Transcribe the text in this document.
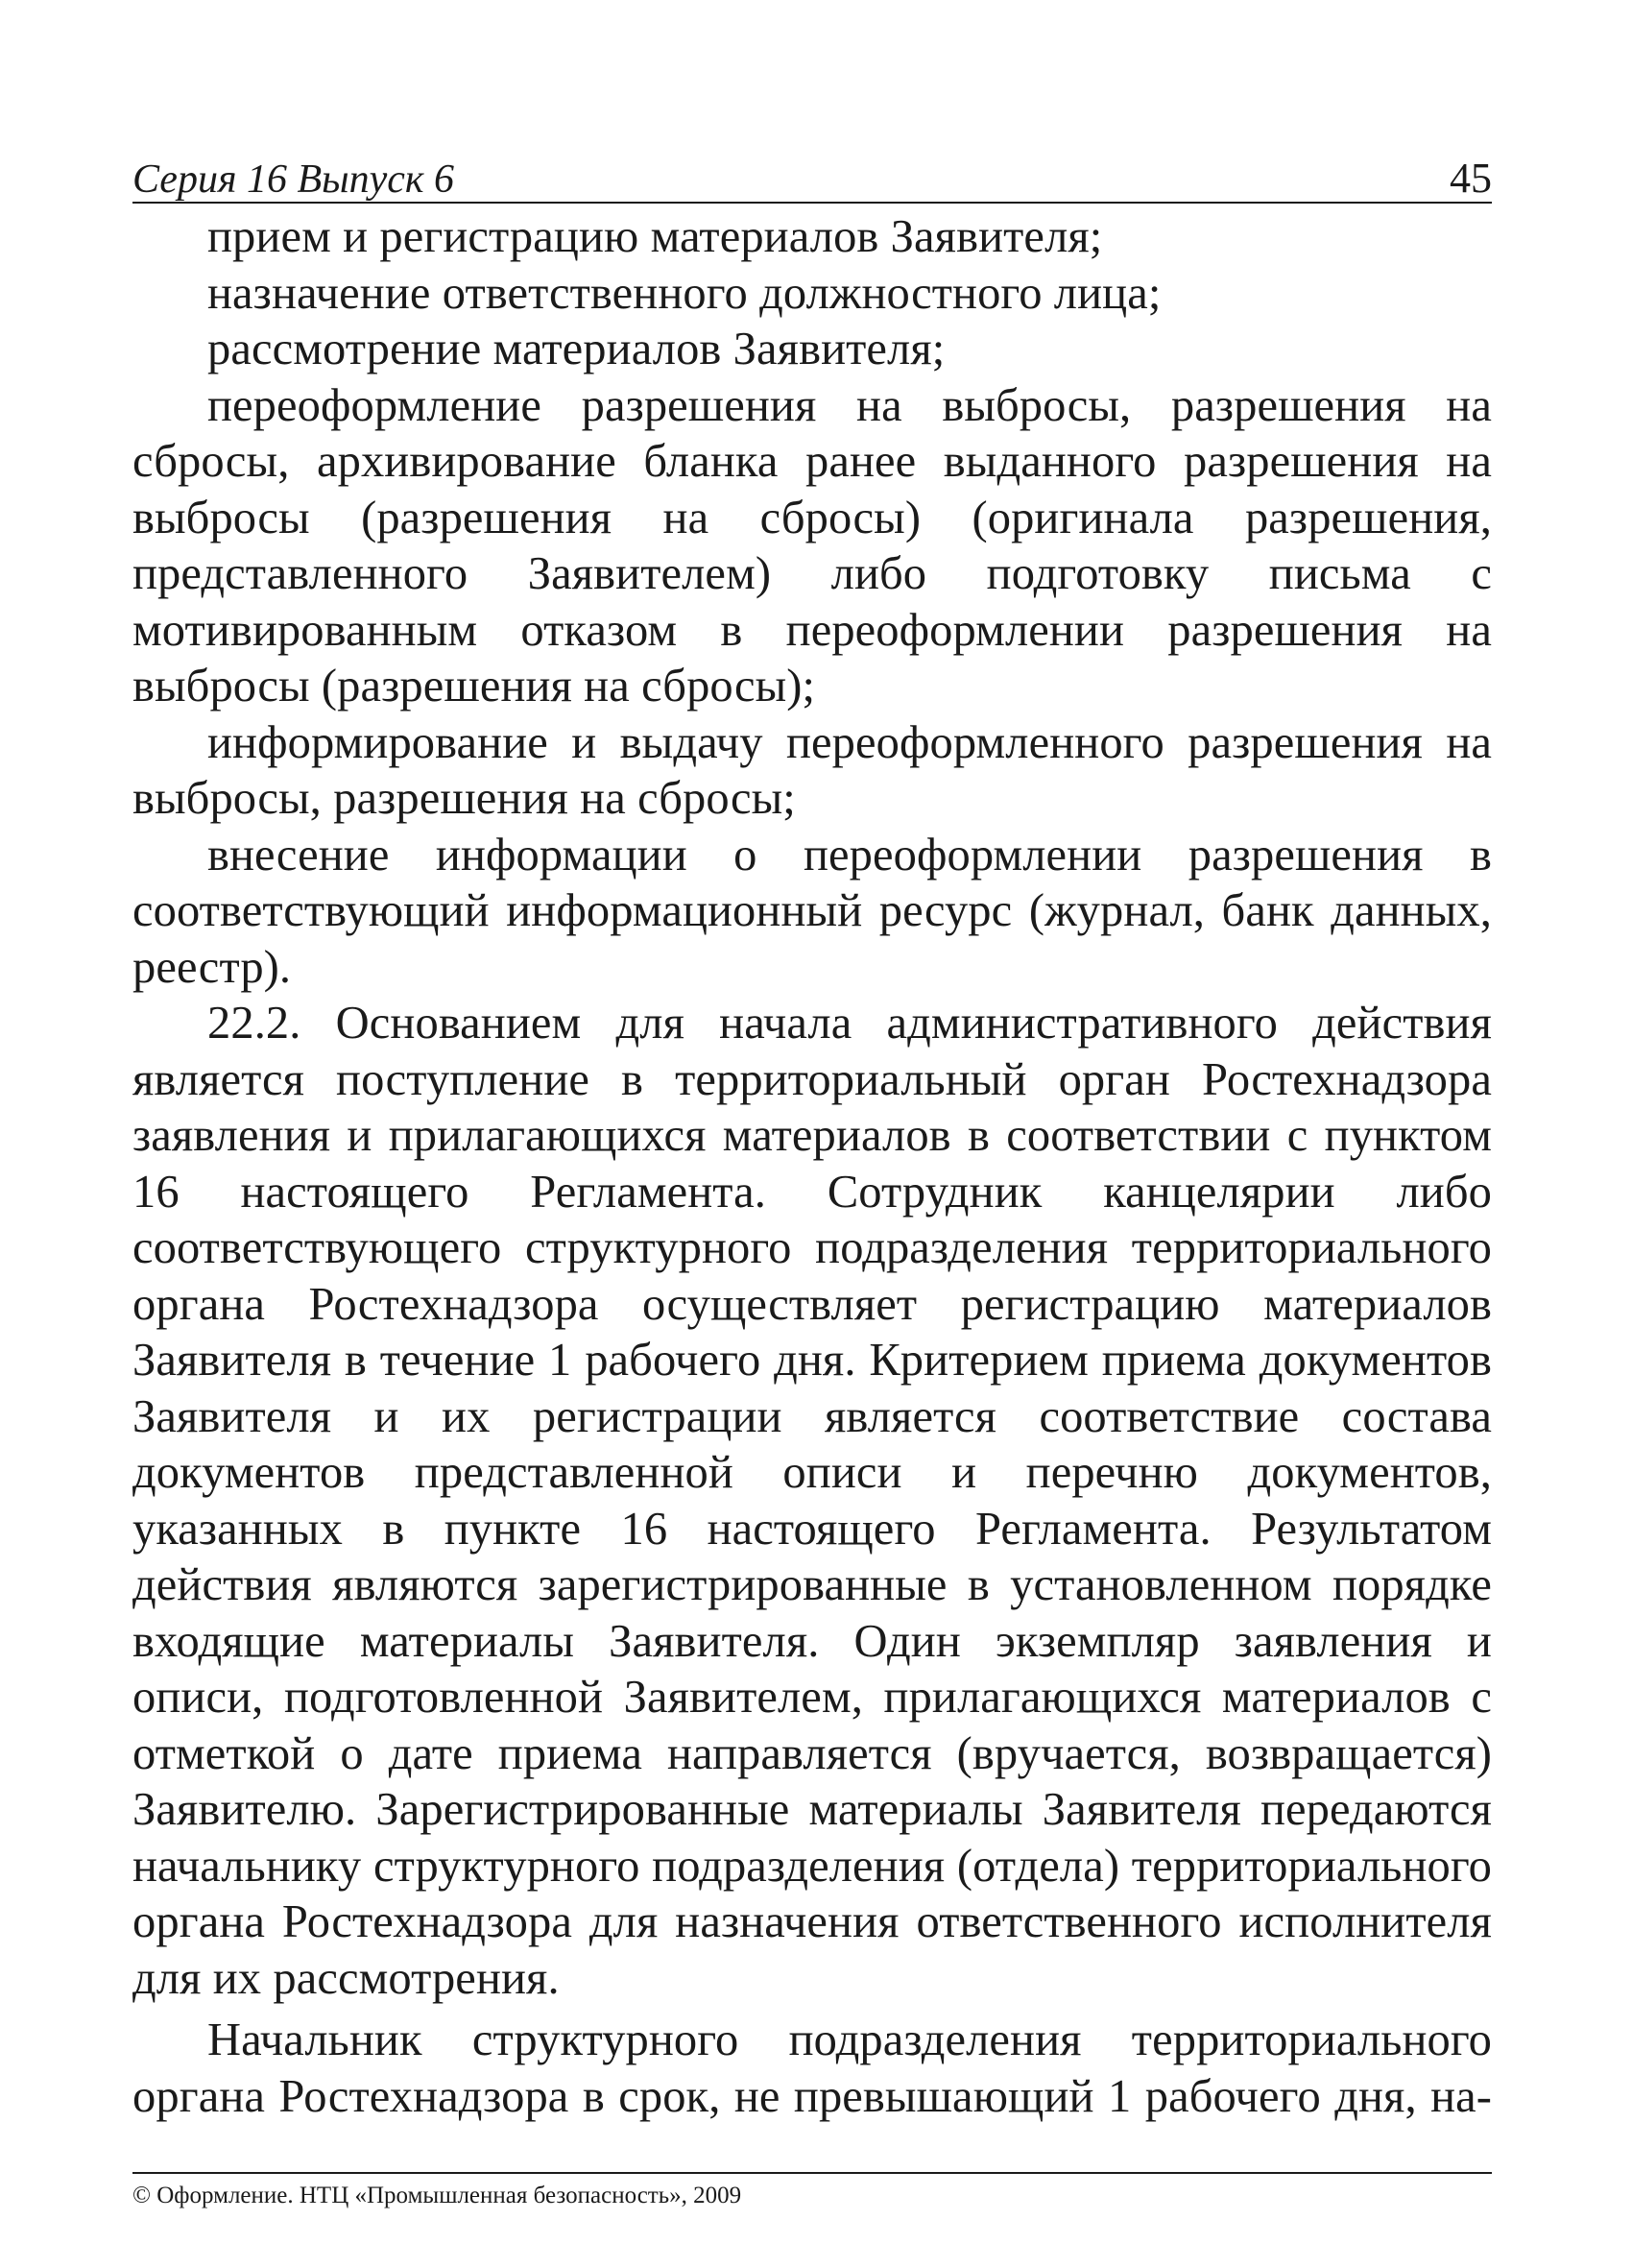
Серия 16 Выпуск 6	45

прием и регистрацию материалов Заявителя;

назначение ответственного должностного лица;

рассмотрение материалов Заявителя;

переоформление разрешения на выбросы, разрешения на сбросы, архивирование бланка ранее выданного разрешения на выбросы (разрешения на сбросы) (оригинала разрешения, представленного Заявителем) либо подготовку письма с мотивированным отказом в переоформлении разрешения на выбросы (разрешения на сбросы);

информирование и выдачу переоформленного разрешения на выбросы, разрешения на сбросы;

внесение информации о переоформлении разрешения в соответствующий информационный ресурс (журнал, банк данных, реестр).

22.2. Основанием для начала административного действия является поступление в территориальный орган Ростехнадзора заявления и прилагающихся материалов в соответствии с пунктом 16 настоящего Регламента. Сотрудник канцелярии либо соответствующего структурного подразделения территориального органа Ростехнадзора осуществляет регистрацию материалов Заявителя в течение 1 рабочего дня. Критерием приема документов Заявителя и их регистрации является соответствие состава документов представленной описи и перечню документов, указанных в пункте 16 настоящего Регламента. Результатом действия являются зарегистрированные в установленном порядке входящие материалы Заявителя. Один экземпляр заявления и описи, подготовленной Заявителем, прилагающихся материалов с отметкой о дате приема направляется (вручается, возвращается) Заявителю. Зарегистрированные материалы Заявителя передаются начальнику структурного подразделения (отдела) территориального органа Ростехнадзора для назначения ответственного исполнителя для их рассмотрения.

Начальник структурного подразделения территориального органа Ростехнадзора в срок, не превышающий 1 рабочего дня, на-

© Оформление. НТЦ «Промышленная безопасность», 2009
